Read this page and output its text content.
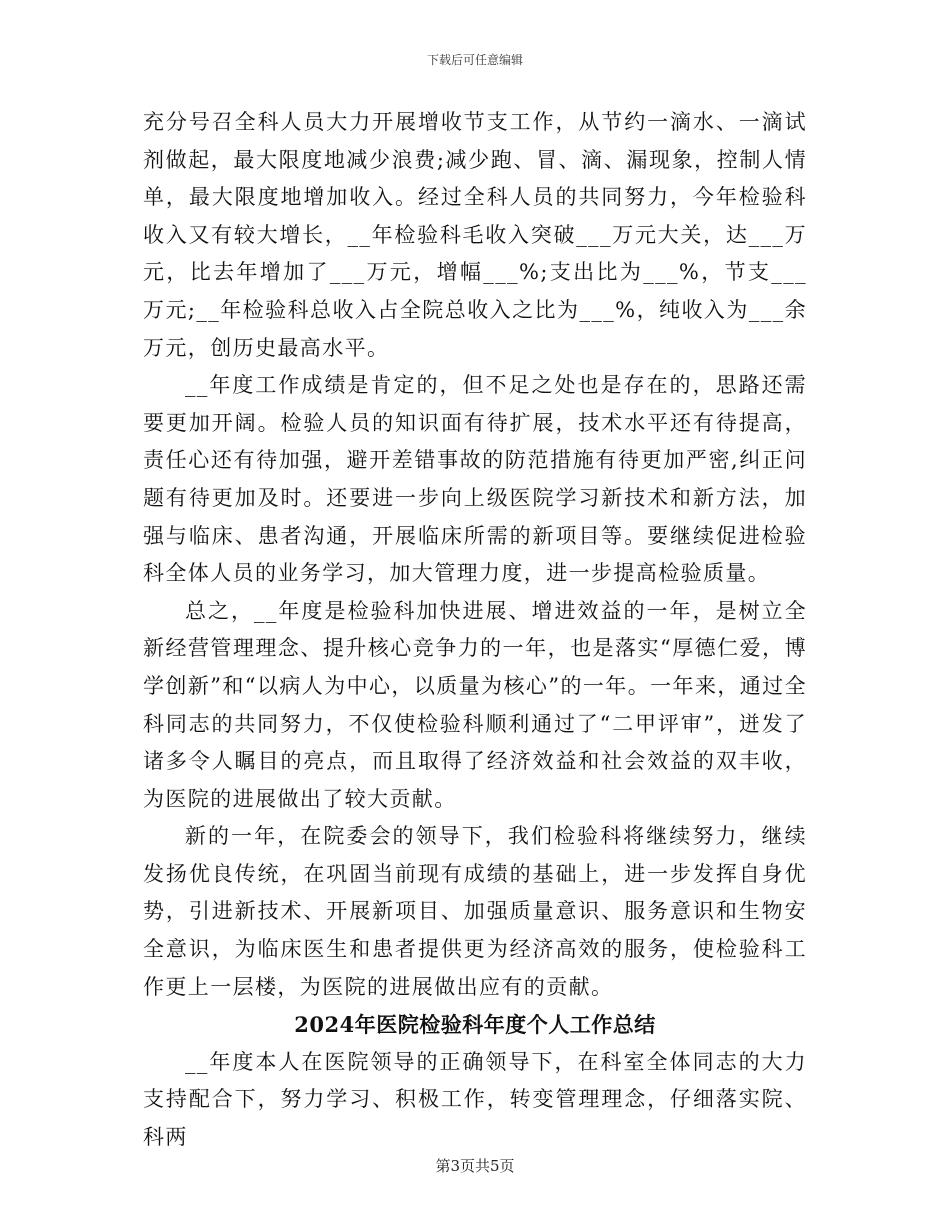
下载后可任意编辑

充分号召全科人员大力开展增收节支工作，从节约一滴水、一滴试剂做起，最大限度地减少浪费;减少跑、冒、滴、漏现象，控制人情单，最大限度地增加收入。经过全科人员的共同努力，今年检验科收入又有较大增长，__年检验科毛收入突破___万元大关，达___万元，比去年增加了___万元，增幅___%;支出比为___%，节支___万元;__年检验科总收入占全院总收入之比为___%，纯收入为___余万元，创历史最高水平。

__年度工作成绩是肯定的，但不足之处也是存在的，思路还需要更加开阔。检验人员的知识面有待扩展，技术水平还有待提高，责任心还有待加强，避开差错事故的防范措施有待更加严密,纠正问题有待更加及时。还要进一步向上级医院学习新技术和新方法，加强与临床、患者沟通，开展临床所需的新项目等。要继续促进检验科全体人员的业务学习，加大管理力度，进一步提高检验质量。

总之，__年度是检验科加快进展、增进效益的一年，是树立全新经营管理理念、提升核心竞争力的一年，也是落实“厚德仁爱，博学创新”和“以病人为中心，以质量为核心”的一年。一年来，通过全科同志的共同努力，不仅使检验科顺利通过了“二甲评审”，迸发了诸多令人瞩目的亮点，而且取得了经济效益和社会效益的双丰收，为医院的进展做出了较大贡献。

新的一年，在院委会的领导下，我们检验科将继续努力，继续发扬优良传统，在巩固当前现有成绩的基础上，进一步发挥自身优势，引进新技术、开展新项目、加强质量意识、服务意识和生物安全意识，为临床医生和患者提供更为经济高效的服务，使检验科工作更上一层楼，为医院的进展做出应有的贡献。

2024年医院检验科年度个人工作总结

__年度本人在医院领导的正确领导下，在科室全体同志的大力支持配合下，努力学习、积极工作，转变管理理念，仔细落实院、科两

第3页共5页
